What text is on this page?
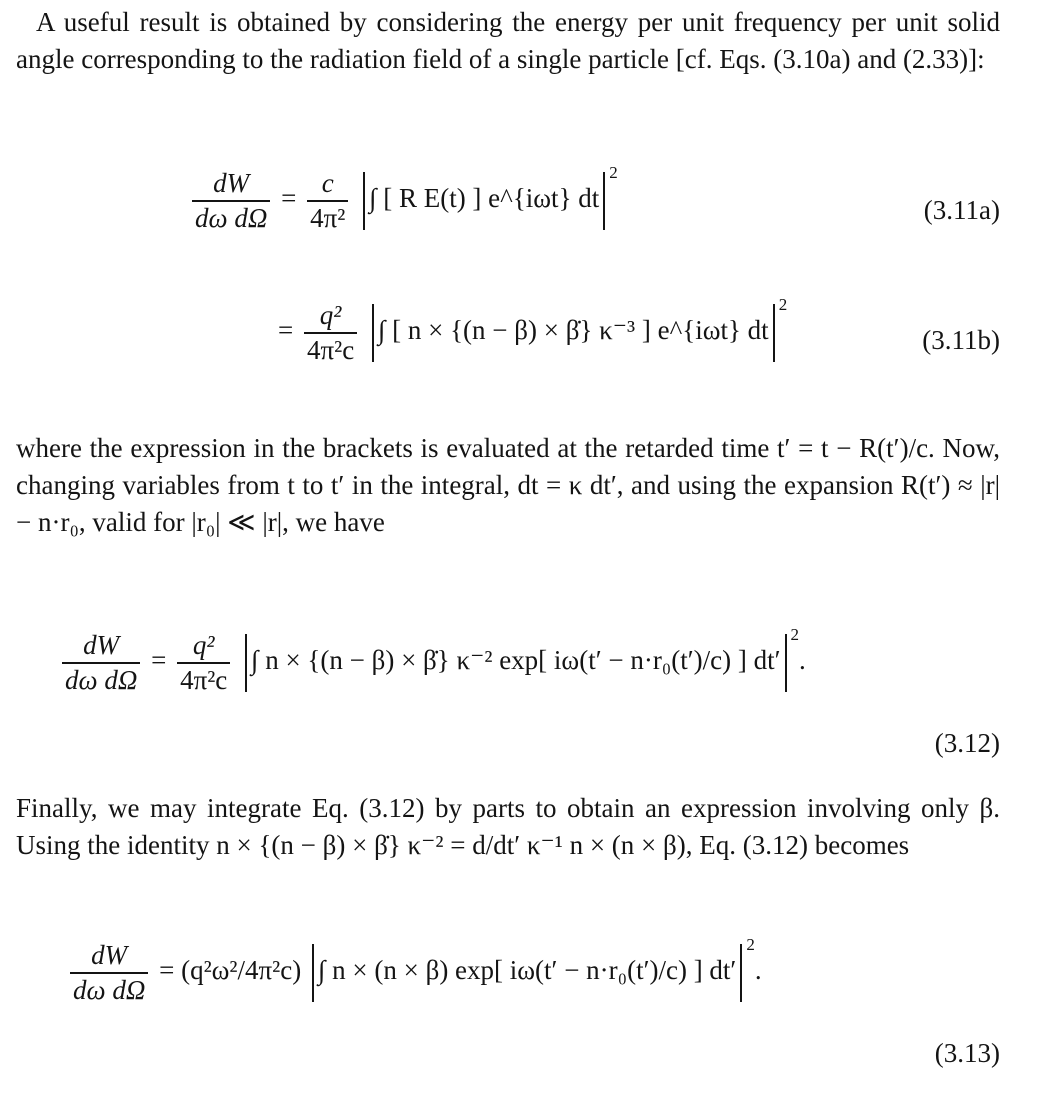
A useful result is obtained by considering the energy per unit frequency per unit solid angle corresponding to the radiation field of a single particle [cf. Eqs. (3.10a) and (2.33)]:

$\frac{dW}{\text{dω dΩ}} = \frac{c}{\text{4π²}}$ ∫ [ R E(t) ] e^{iωt} $dt^2$
(3.11a)
= $\frac{\text{q²}}{\text{4π²c}}$ ∫ [ n × {(n − β) × β̇} κ⁻³ ] e^{iωt} $dt^2$
(3.11b)

where the expression in the brackets is evaluated at the retarded time t′ = t − R(t′)/c. Now, changing variables from t to t′ in the integral, dt = κ dt′, and using the expansion R(t′) ≈ |r| − n·r₀, valid for |r₀| ≪ |r|, we have

$\frac{dW}{\text{dω dΩ}} = \frac{\text{q²}}{\text{4π²c}}$ ∫ n × {(n − β) × β̇} κ⁻² exp[ iω(t′ − n·r₀(t′)/c) ] $dt'^2$.
(3.12)

Finally, we may integrate Eq. (3.12) by parts to obtain an expression involving only β. Using the identity n × {(n − β) × β̇} κ⁻² = d/dt′ κ⁻¹ n × (n × β), Eq. (3.12) becomes

$\frac{dW}{\text{dω dΩ}} = (q^2\omega^2/4\pi^2c)$ ∫ n × (n × β) exp[ iω(t′ − n·r₀(t′)/c) ] $dt'^2$.
(3.13)
